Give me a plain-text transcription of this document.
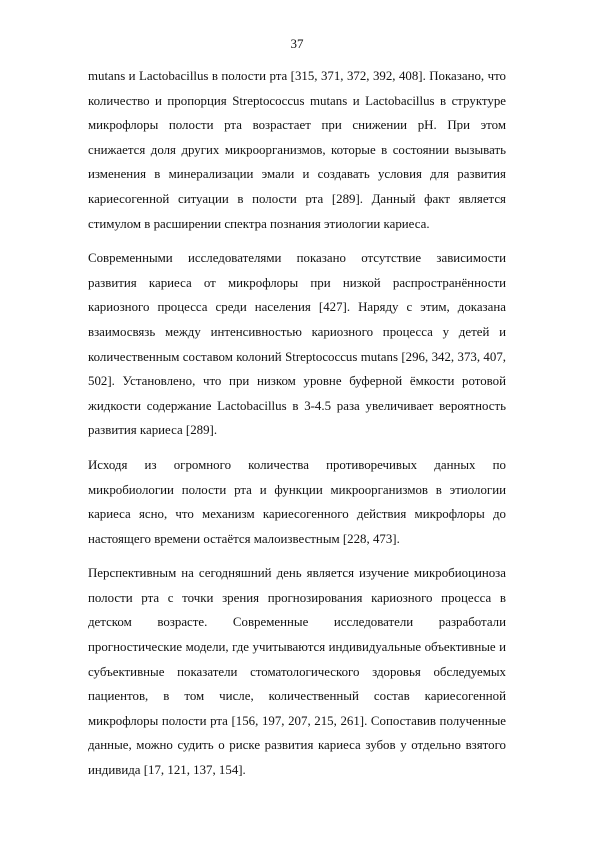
37

mutans и Lactobacillus в полости рта [315, 371, 372, 392, 408]. Показано, что количество и пропорция Streptococcus mutans и Lactobacillus в структуре микрофлоры полости рта возрастает при снижении pH. При этом снижается доля других микроорганизмов, которые в состоянии вызывать изменения в минерализации эмали и создавать условия для развития кариесогенной ситуации в полости рта [289]. Данный факт является стимулом в расширении спектра познания этиологии кариеса.

Современными исследователями показано отсутствие зависимости развития кариеса от микрофлоры при низкой распространённости кариозного процесса среди населения [427]. Наряду с этим, доказана взаимосвязь между интенсивностью кариозного процесса у детей и количественным составом колоний Streptococcus mutans [296, 342, 373, 407, 502]. Установлено, что при низком уровне буферной ёмкости ротовой жидкости содержание Lactobacillus в 3-4.5 раза увеличивает вероятность развития кариеса [289].

Исходя из огромного количества противоречивых данных по микробиологии полости рта и функции микроорганизмов в этиологии кариеса ясно, что механизм кариесогенного действия микрофлоры до настоящего времени остаётся малоизвестным [228, 473].

Перспективным на сегодняшний день является изучение микробиоциноза полости рта с точки зрения прогнозирования кариозного процесса в детском возрасте. Современные исследователи разработали прогностические модели, где учитываются индивидуальные объективные и субъективные показатели стоматологического здоровья обследуемых пациентов, в том числе, количественный состав кариесогенной микрофлоры полости рта [156, 197, 207, 215, 261]. Сопоставив полученные данные, можно судить о риске развития кариеса зубов у отдельно взятого индивида [17, 121, 137, 154].
